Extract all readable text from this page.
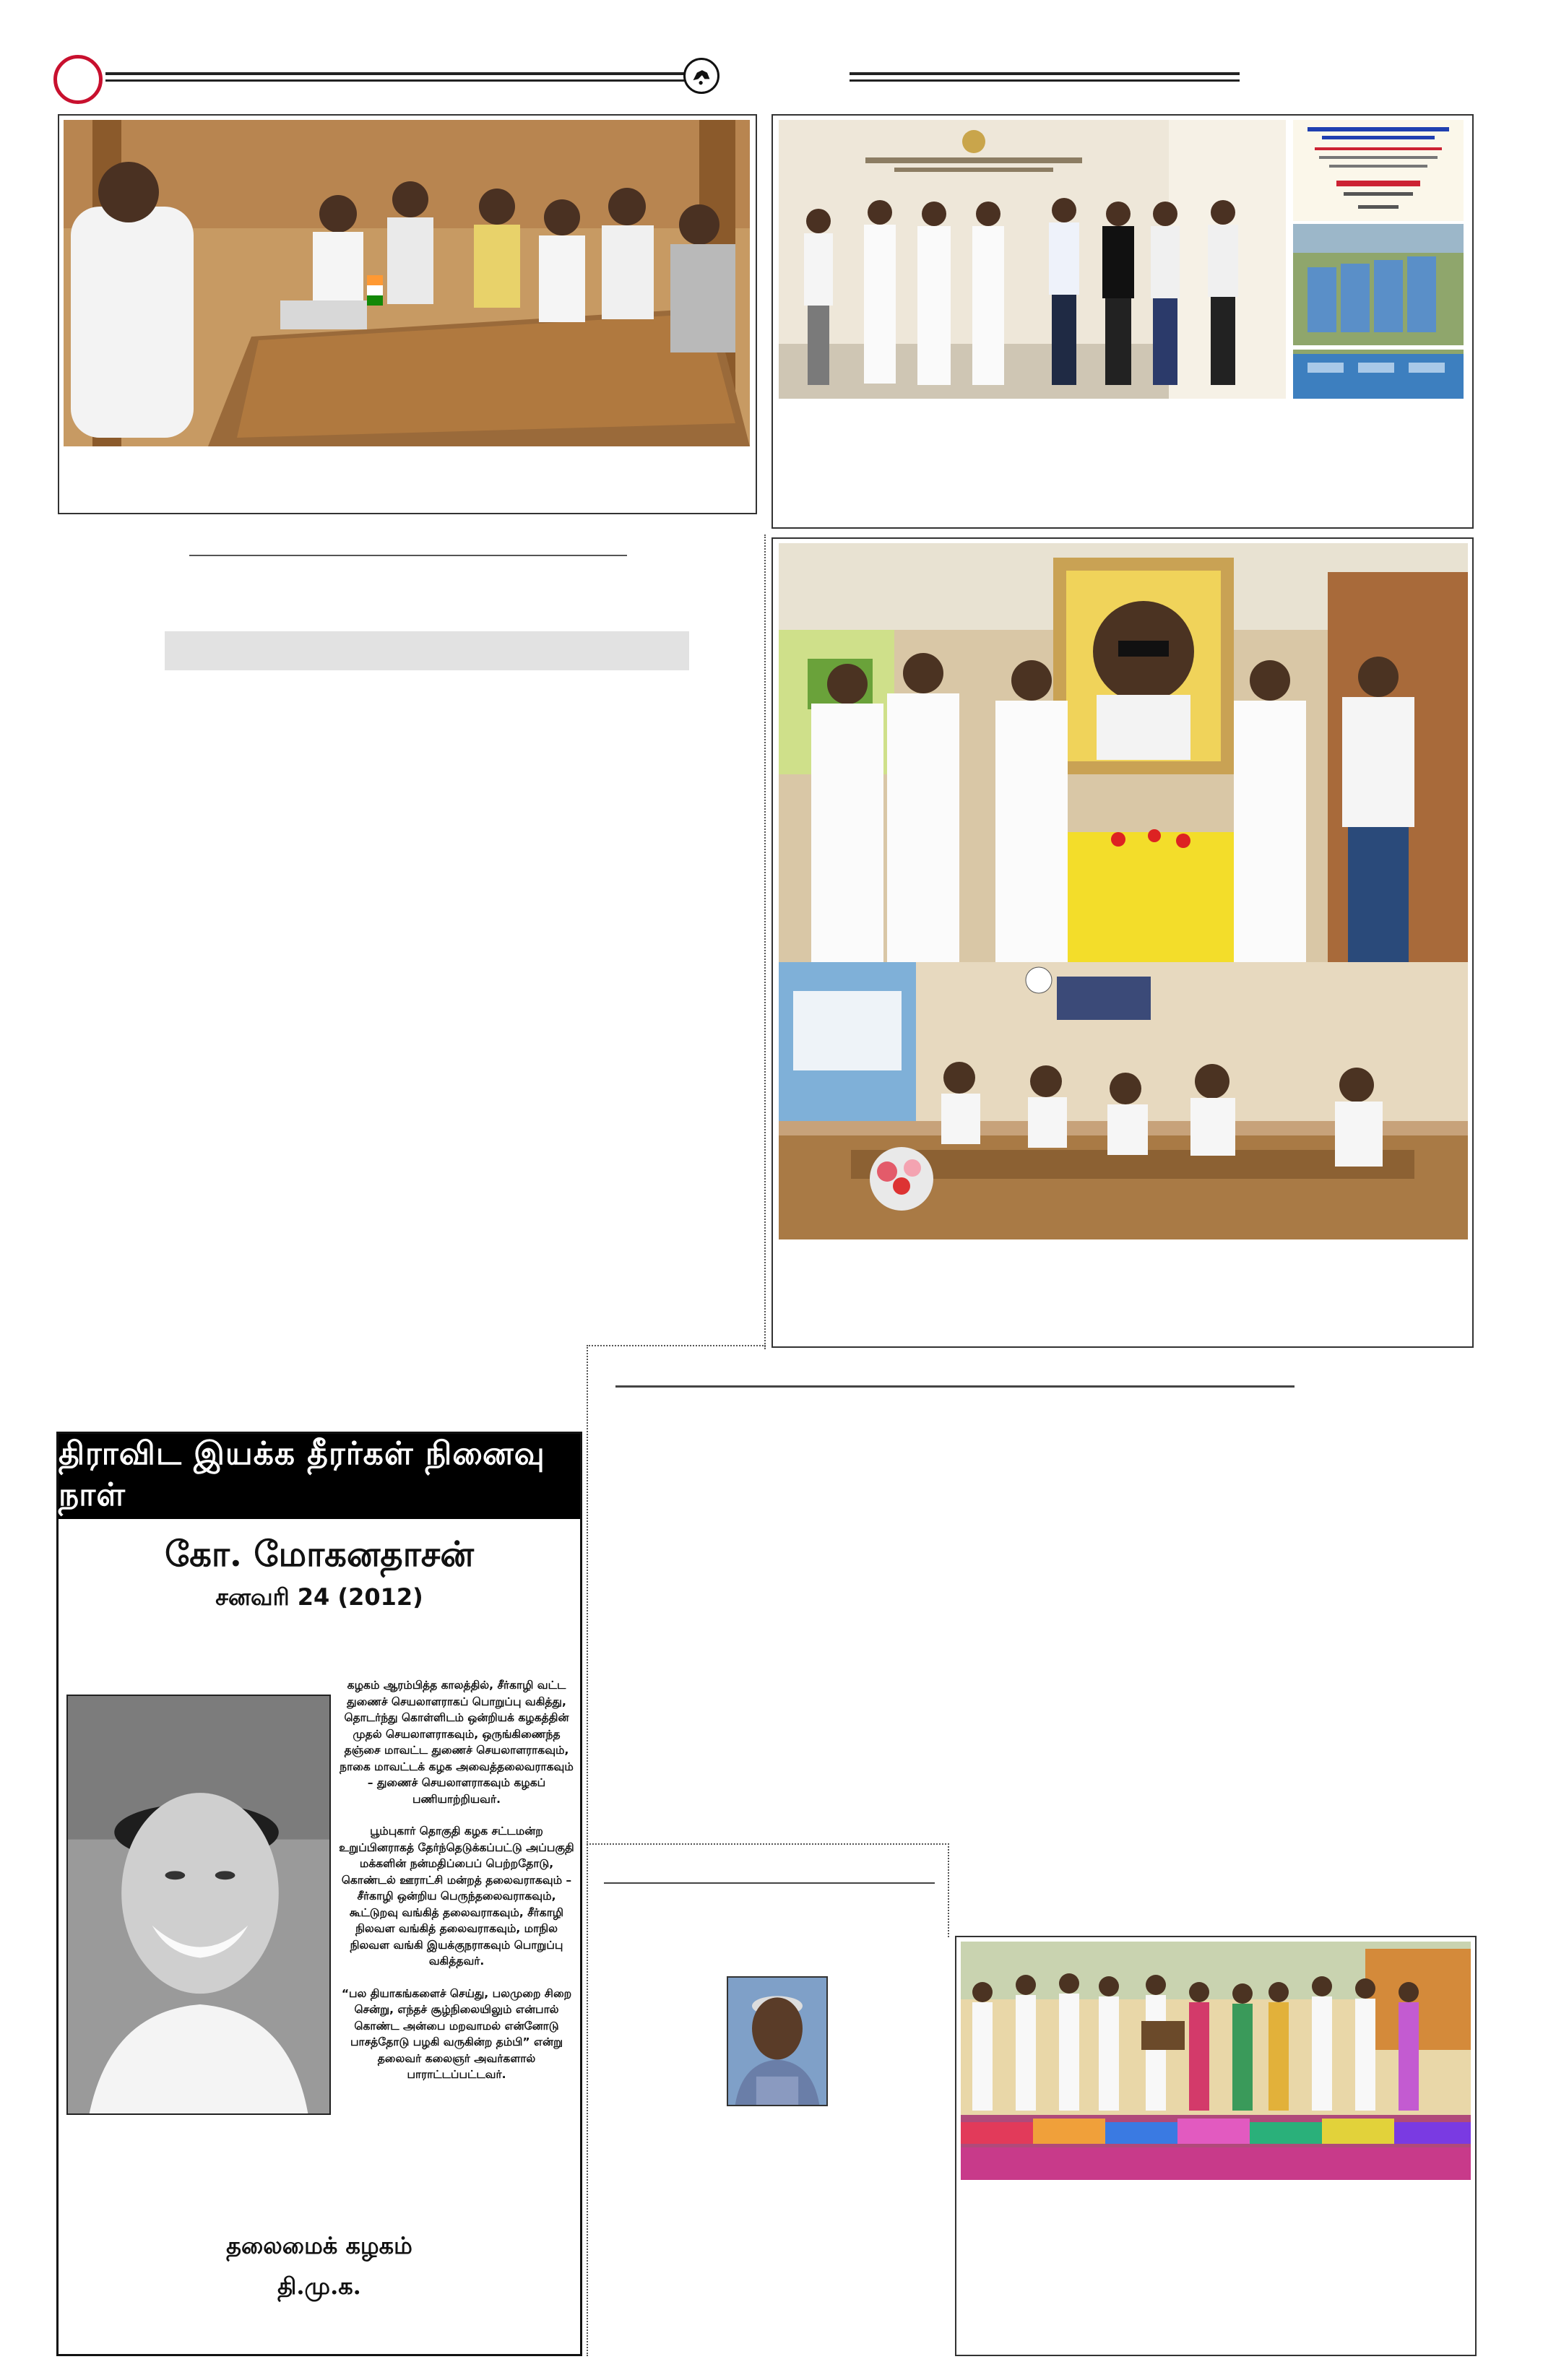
திராவிட இயக்க தீரர்கள் நினைவு நாள்
கோ. மோகனதாசன்
சனவரி 24 (2012)

கழகம் ஆரம்பித்த காலத்தில், சீர்காழி வட்ட துணைச் செயலாளராகப் பொறுப்பு வகித்து, தொடர்ந்து கொள்ளிடம் ஒன்றியக் கழகத்தின் முதல் செயலாளராகவும், ஒருங்கிணைந்த தஞ்சை மாவட்ட துணைச் செயலாளராகவும், நாகை மாவட்டக் கழக அவைத்தலைவராகவும் – துணைச் செயலாளராகவும் கழகப் பணியாற்றியவர்.

பூம்புகார் தொகுதி கழக சட்டமன்ற உறுப்பினராகத் தேர்ந்தெடுக்கப்பட்டு அப்பகுதி மக்களின் நன்மதிப்பைப் பெற்றதோடு, கொண்டல் ஊராட்சி மன்றத் தலைவராகவும் – சீர்காழி ஒன்றிய பெருந்தலைவராகவும், கூட்டுறவு வங்கித் தலைவராகவும், சீர்காழி நிலவள வங்கித் தலைவராகவும், மாநில நிலவள வங்கி இயக்குநராகவும் பொறுப்பு வகித்தவர்.

“பல தியாகங்களைச் செய்து, பலமுறை சிறை சென்று, எந்தச் சூழ்நிலையிலும் என்பால் கொண்ட அன்பை மறவாமல் என்னோடு பாசத்தோடு பழகி வருகின்ற தம்பி” என்று தலைவர் கலைஞர் அவர்களால் பாராட்டப்பட்டவர்.

தலைமைக் கழகம்
தி.மு.க.
